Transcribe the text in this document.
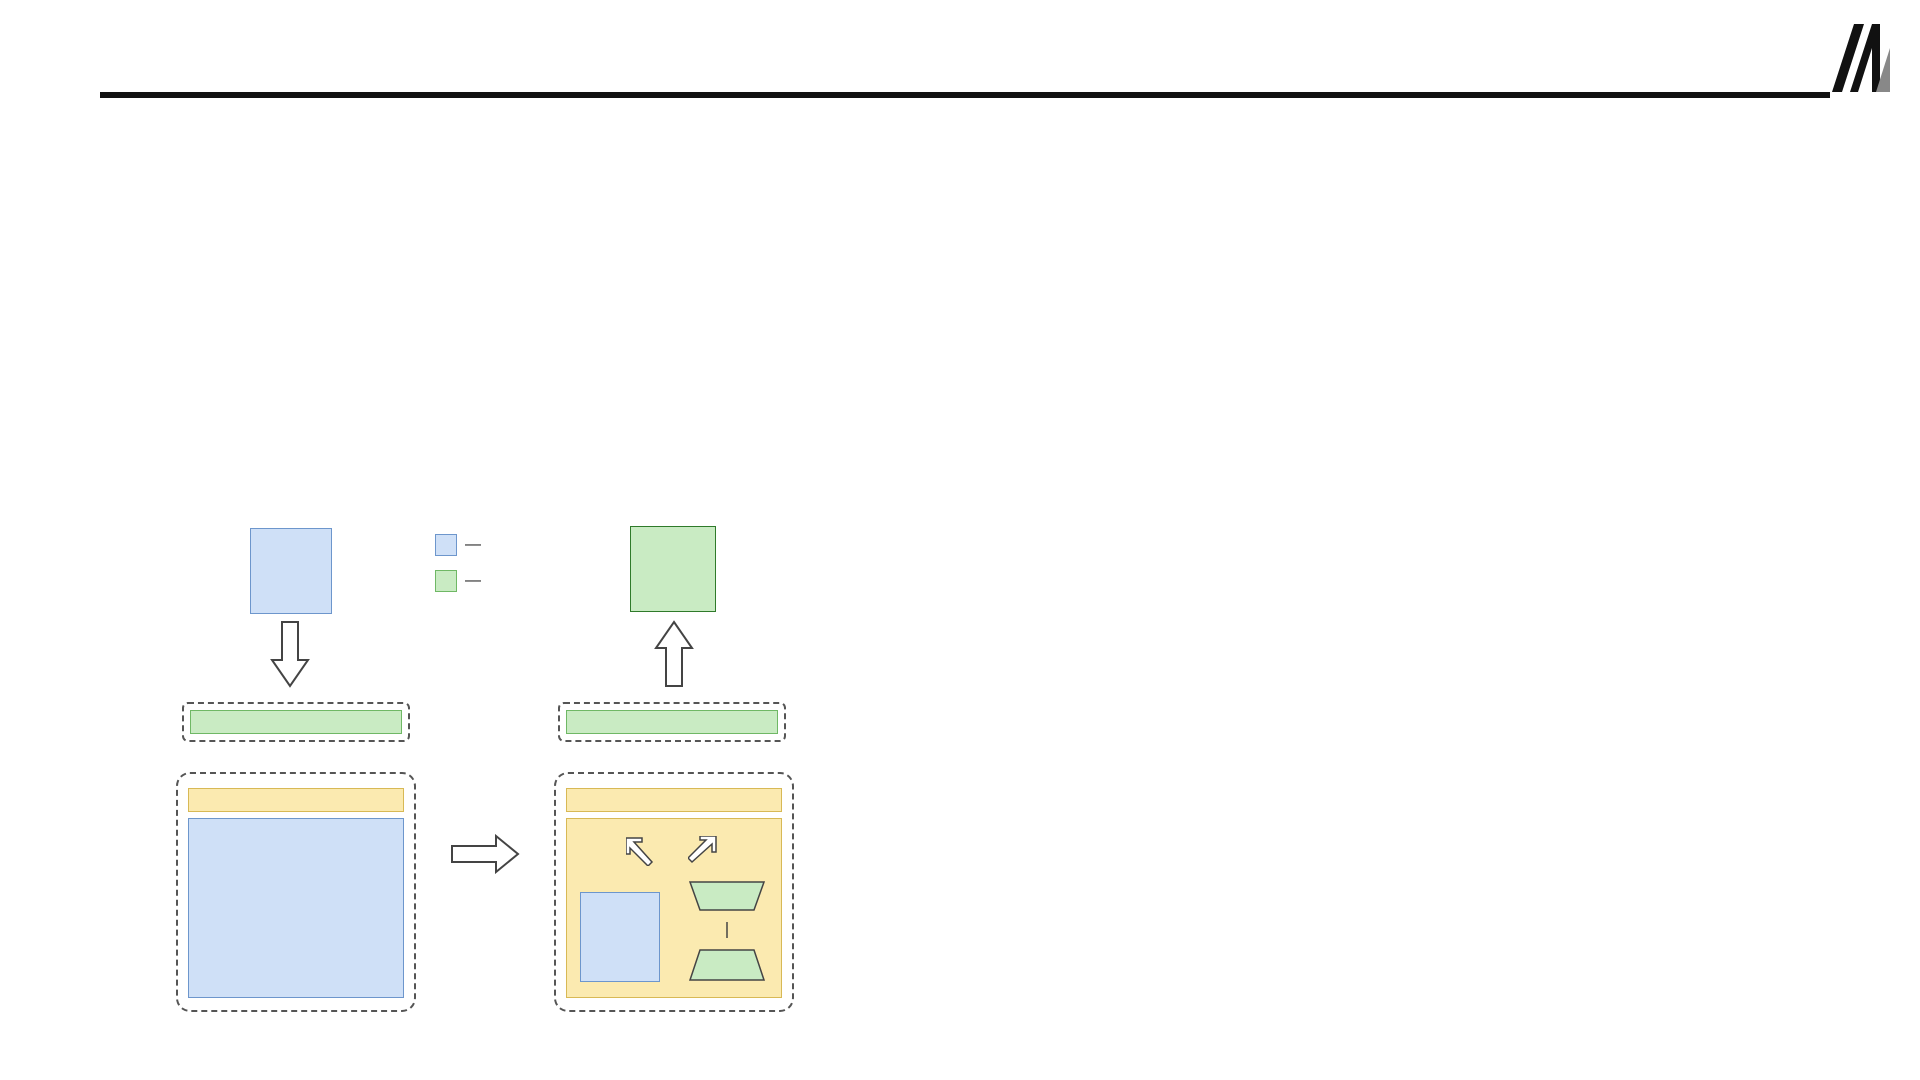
—
—
